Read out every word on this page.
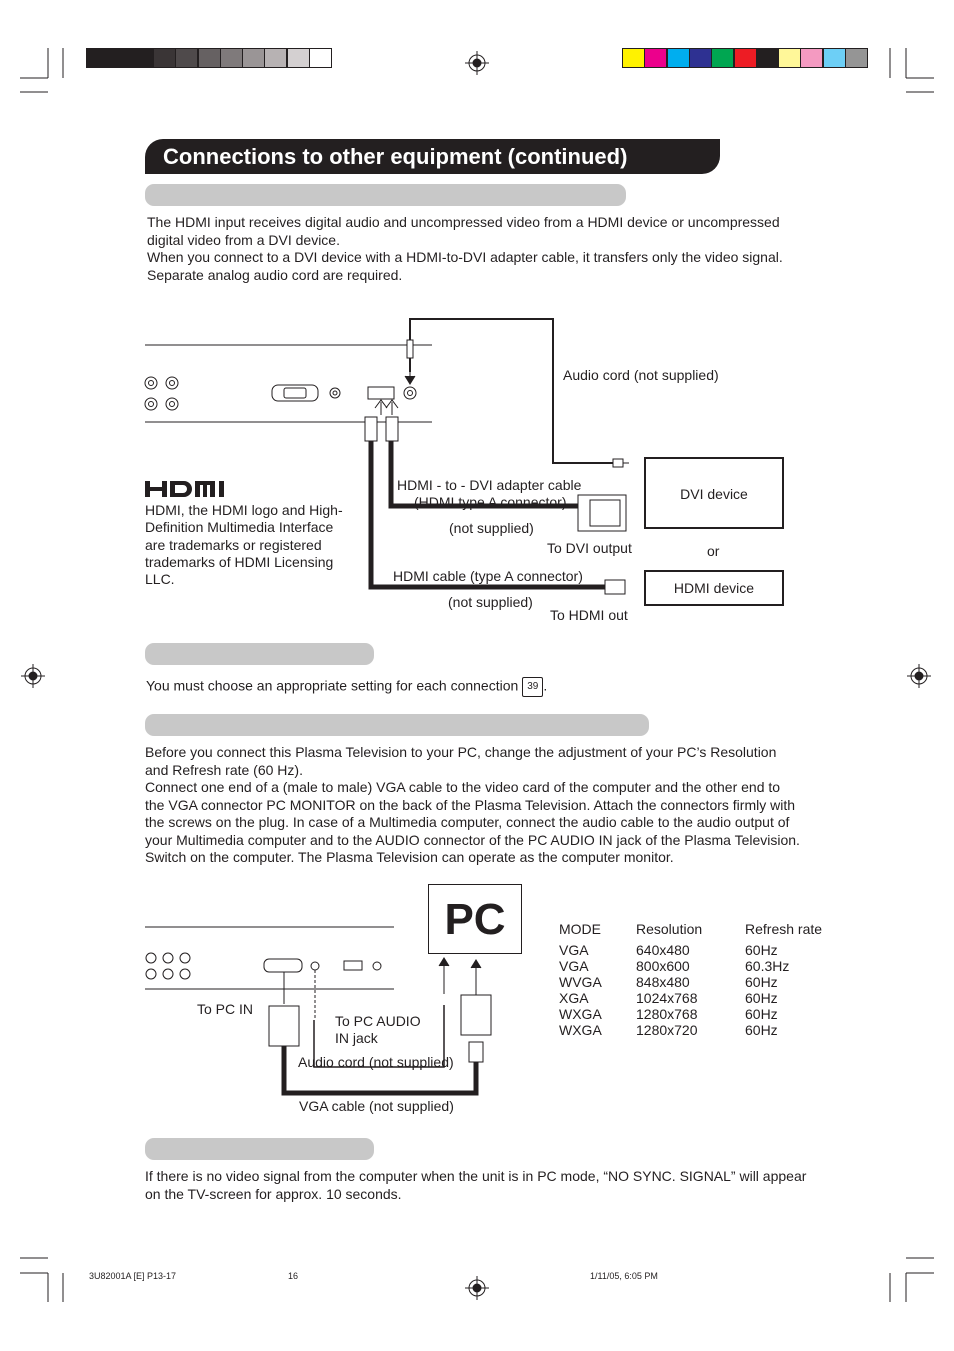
Connections to other equipment (continued)
The HDMI input receives digital audio and uncompressed video from a HDMI device or uncompressed
digital video from a DVI device.
When you connect to a DVI device with a HDMI-to-DVI adapter cable, it transfers only the video signal.
Separate analog audio cord are required.
DVI device
HDMI device
Audio cord (not supplied)
HDMI - to - DVI adapter cable
(HDMI type A connector)
(not supplied)
To DVI output	or
HDMI cable (type A connector)
(not supplied)
To HDMI out
HDMI, the HDMI logo and High-
Definition Multimedia Interface
are trademarks or registered
trademarks of HDMI Licensing
LLC.
You must choose an appropriate setting for each connection 39 .
Before you connect this Plasma Television to your PC, change the adjustment of your PC’s Resolution
and Refresh rate (60 Hz).
Connect one end of a (male to male) VGA cable to the video card of the computer and the other end to
the VGA connector PC MONITOR on the back of the Plasma Television. Attach the connectors firmly with
the screws on the plug. In case of a Multimedia computer, connect the audio cable to the audio output of
your Multimedia computer and to the AUDIO connector of the PC AUDIO IN jack of the Plasma Television.
Switch on the computer. The Plasma Television can operate as the computer monitor.
PC
To PC IN
To PC AUDIO
IN jack
Audio cord (not supplied)
VGA cable (not supplied)
MODE	Resolution	Refresh rate
VGA	640x480	60Hz
VGA	800x600	60.3Hz
WVGA	848x480	60Hz
XGA	1024x768	60Hz
WXGA	1280x768	60Hz
WXGA	1280x720	60Hz
If there is no video signal from the computer when the unit is in PC mode, “NO SYNC. SIGNAL” will appear
on the TV-screen for approx. 10 seconds.
3U82001A [E] P13-17	16	1/11/05, 6:05 PM
